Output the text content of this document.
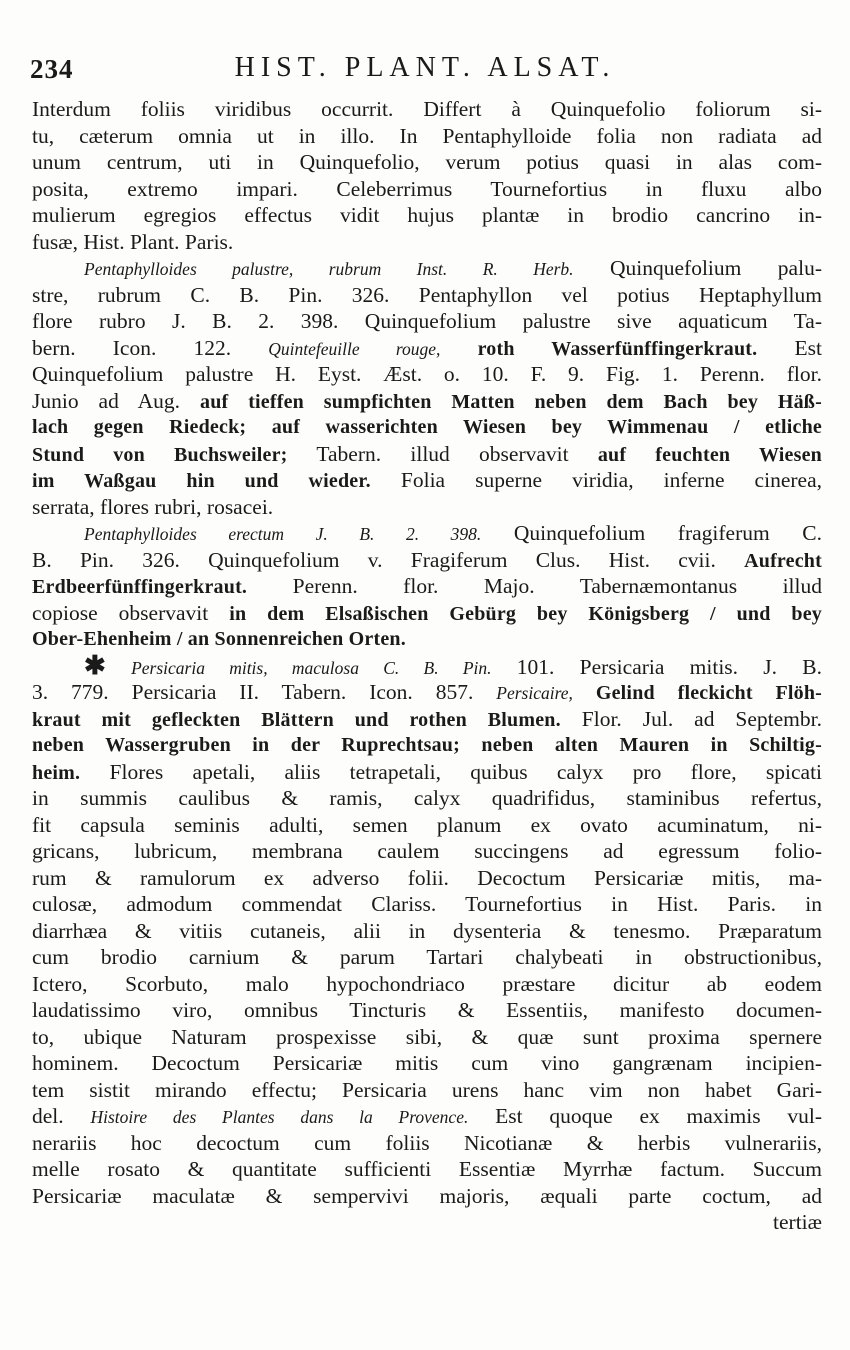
234	HIST. PLANT. ALSAT.
Interdum foliis viridibus occurrit. Differt à Quinquefolio foliorum si-
tu, cæterum omnia ut in illo. In Pentaphylloide folia non radiata ad
unum centrum, uti in Quinquefolio, verum potius quasi in alas com-
posita, extremo impari. Celeberrimus Tournefortius in fluxu albo
mulierum egregios effectus vidit hujus plantæ in brodio cancrino in-
fusæ, Hist. Plant. Paris.
Pentaphylloides palustre, rubrum Inst. R. Herb. Quinquefolium palu-
stre, rubrum C. B. Pin. 326. Pentaphyllon vel potius Heptaphyllum
flore rubro J. B. 2. 398. Quinquefolium palustre sive aquaticum Ta-
bern. Icon. 122. Quintefeuille rouge, roth Wasserfünffingerkraut. Est
Quinquefolium palustre H. Eyst. Æst. o. 10. F. 9. Fig. 1. Perenn. flor.
Junio ad Aug. auf tieffen sumpfichten Matten neben dem Bach bey Häß-
lach gegen Riedeck; auf wasserichten Wiesen bey Wimmenau / etliche
Stund von Buchsweiler; Tabern. illud observavit auf feuchten Wiesen
im Waßgau hin und wieder. Folia superne viridia, inferne cinerea,
serrata, flores rubri, rosacei.
Pentaphylloides erectum J. B. 2. 398. Quinquefolium fragiferum C.
B. Pin. 326. Quinquefolium v. Fragiferum Clus. Hist. cvii. Aufrecht
Erdbeerfünffingerkraut. Perenn. flor. Majo. Tabernæmontanus illud
copiose observavit in dem Elsaßischen Gebürg bey Königsberg / und bey
Ober-Ehenheim / an Sonnenreichen Orten.
✱ Persicaria mitis, maculosa C. B. Pin. 101. Persicaria mitis. J. B.
3. 779. Persicaria II. Tabern. Icon. 857. Persicaire, Gelind fleckicht Flöh-
kraut mit gefleckten Blättern und rothen Blumen. Flor. Jul. ad Septembr.
neben Wassergruben in der Ruprechtsau; neben alten Mauren in Schiltig-
heim. Flores apetali, aliis tetrapetali, quibus calyx pro flore, spicati
in summis caulibus & ramis, calyx quadrifidus, staminibus refertus,
fit capsula seminis adulti, semen planum ex ovato acuminatum, ni-
gricans, lubricum, membrana caulem succingens ad egressum folio-
rum & ramulorum ex adverso folii. Decoctum Persicariæ mitis, ma-
culosæ, admodum commendat Clariss. Tournefortius in Hist. Paris. in
diarrhæa & vitiis cutaneis, alii in dysenteria & tenesmo. Præparatum
cum brodio carnium & parum Tartari chalybeati in obstructionibus,
Ictero, Scorbuto, malo hypochondriaco præstare dicitur ab eodem
laudatissimo viro, omnibus Tincturis & Essentiis, manifesto documen-
to, ubique Naturam prospexisse sibi, & quæ sunt proxima spernere
hominem. Decoctum Persicariæ mitis cum vino gangrænam incipien-
tem sistit mirando effectu; Persicaria urens hanc vim non habet Gari-
del. Histoire des Plantes dans la Provence. Est quoque ex maximis vul-
nerariis hoc decoctum cum foliis Nicotianæ & herbis vulnerariis,
melle rosato & quantitate sufficienti Essentiæ Myrrhæ factum. Succum
Persicariæ maculatæ & sempervivi majoris, æquali parte coctum, ad
tertiæ
